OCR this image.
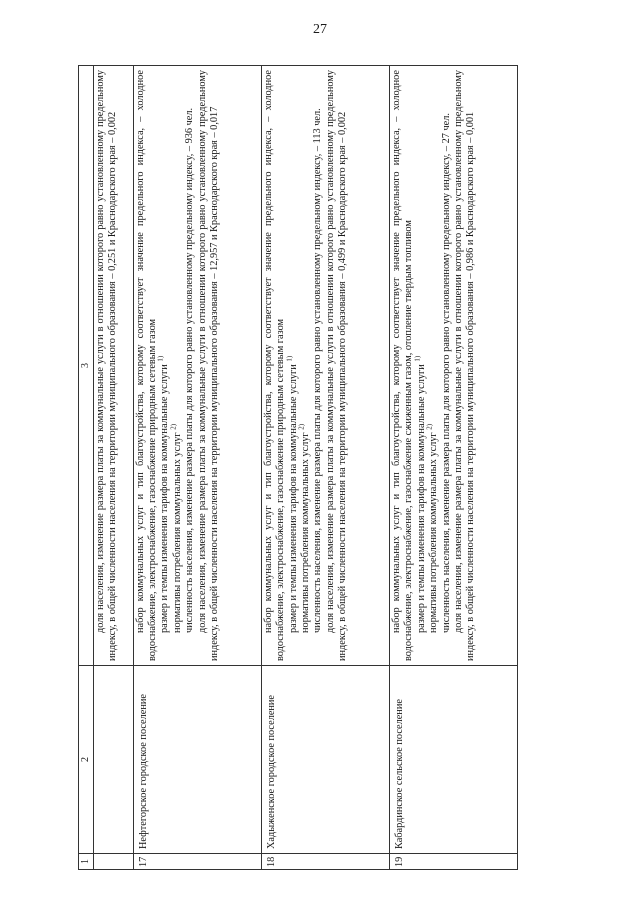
27
1	2	3

		доля населения, изменение размера платы за коммунальные услуги в отношении которого равно установленному предельному индексу, в общей численности населения на территории муниципального образования – 0,251 и Краснодарского края – 0,002

17	Нефтегорское городское поселение	набор коммунальных услуг и тип благоустройства, которому соответствует значение предельного индекса, – холодное водоснабжение, электроснабжение, газоснабжение природным сетевым газом размер и темпы изменения тарифов на коммунальные услуги $^{1)}$

нормативы потребления коммунальных услуг $^{2)}$ численность населения, изменение размера платы для которого равно установленному предельному индексу, – 936 чел. доля населения, изменение размера платы за коммунальные услуги в отношении которого равно установленному предельному индексу, в общей численности населения на территории муниципального образования – 12,957 и Краснодарского края – 0,017

18	Хадыженское городское поселение	набор коммунальных услуг и тип благоустройства, которому соответствует значение предельного индекса, – холодное водоснабжение, электроснабжение, газоснабжение природным сетевым газом размер и темпы изменения тарифов на коммунальные услуги $^{1)}$

нормативы потребления коммунальных услуг $^{2)}$ численность населения, изменение размера платы для которого равно установленному предельному индексу, – 113 чел. доля населения, изменение размера платы за коммунальные услуги в отношении которого равно установленному предельному индексу, в общей численности населения на территории муниципального образования – 0,499 и Краснодарского края – 0,002

19	Кабардинское сельское поселение	набор коммунальных услуг и тип благоустройства, которому соответствует значение предельного индекса, – холодное водоснабжение, электроснабжение, газоснабжение сжиженным газом, отопление твердым топливом размер и темпы изменения тарифов на коммунальные услуги $^{1)}$

нормативы потребления коммунальных услуг $^{2)}$ численность населения, изменение размера платы для которого равно установленному предельному индексу, – 27 чел. доля населения, изменение размера платы за коммунальные услуги в отношении которого равно установленному предельному индексу, в общей численности населения на территории муниципального образования – 0,986 и Краснодарского края – 0,001
